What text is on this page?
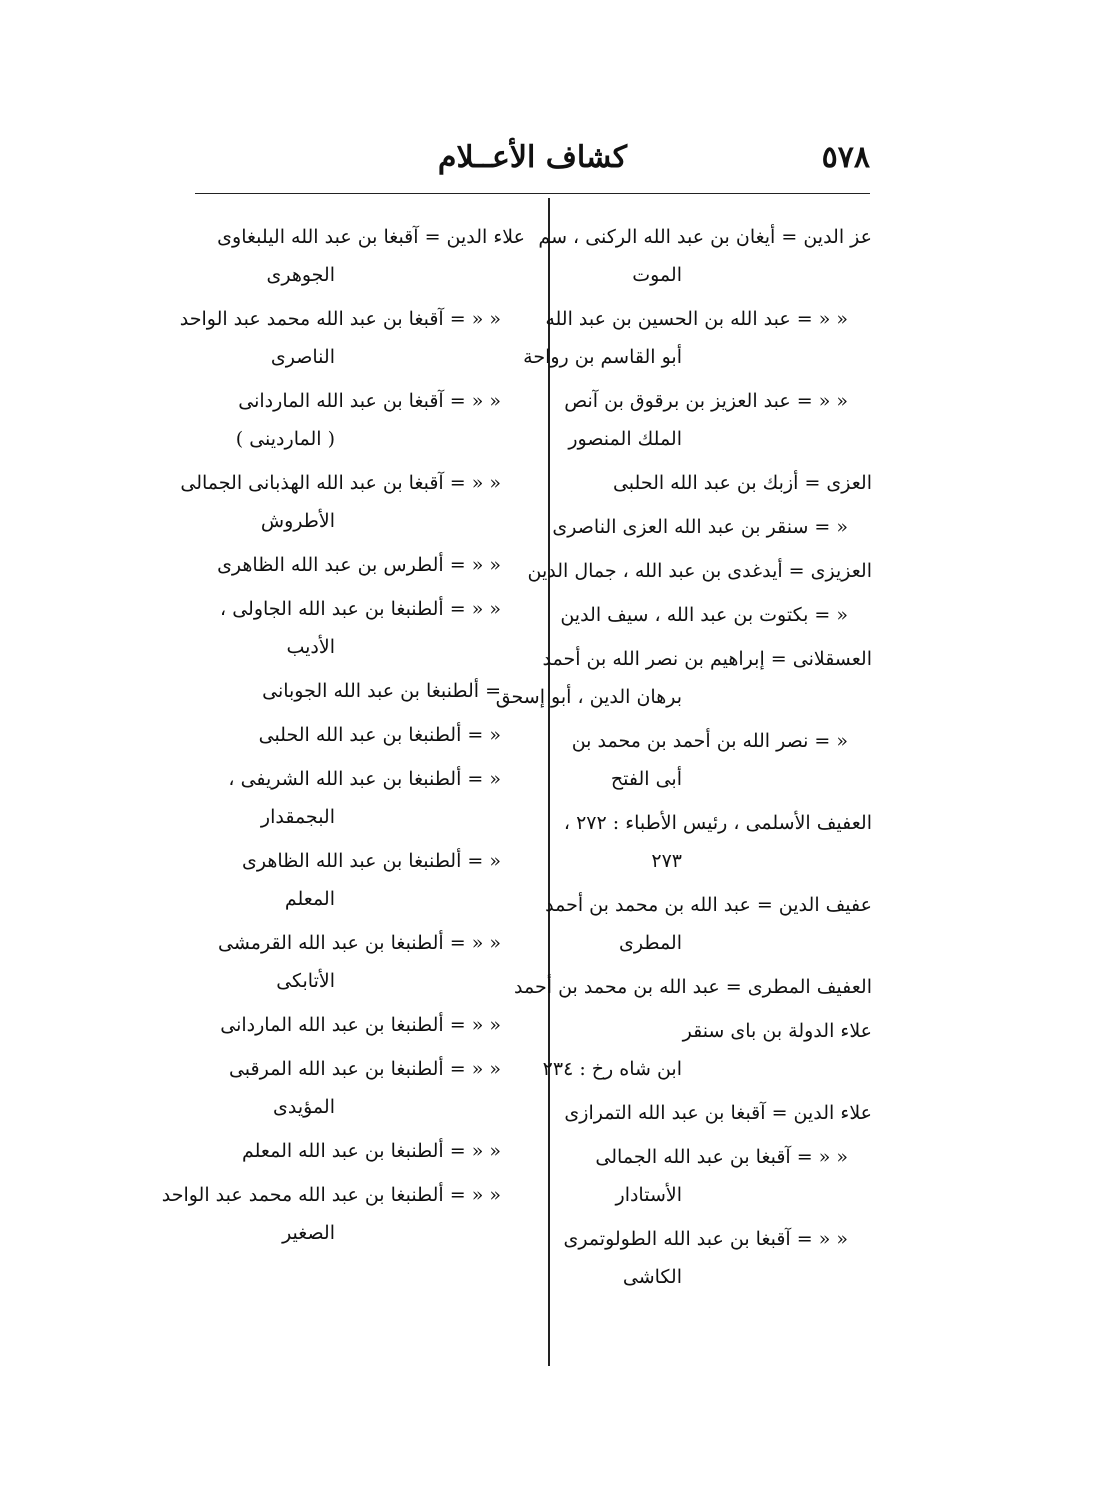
٥٧٨
كشاف الأعــلام
عز الدين = أيغان بن عبد الله الركنى ، سم
الموت
« « = عبد الله بن الحسين بن عبد الله
أبو القاسم بن رواحة
« « = عبد العزيز بن برقوق بن آنص
الملك المنصور
العزى = أزبك بن عبد الله الحلبى
« = سنقر بن عبد الله العزى الناصرى
العزيزى = أيدغدى بن عبد الله ، جمال الدين
« = بكتوت بن عبد الله ، سيف الدين
العسقلانى = إبراهيم بن نصر الله بن أحمد
برهان الدين ، أبو إسحق
« = نصر الله بن أحمد بن محمد بن
أبى الفتح
العفيف الأسلمى ، رئيس الأطباء : ٢٧٢ ،
٢٧٣
عفيف الدين = عبد الله بن محمد بن أحمد
المطرى
العفيف المطرى = عبد الله بن محمد بن أحمد
علاء الدولة بن باى سنقر
ابن شاه رخ : ٢٣٤
علاء الدين = آقبغا بن عبد الله التمرازى
« « = آقبغا بن عبد الله الجمالى
الأستادار
« « = آقبغا بن عبد الله الطولوتمرى
الكاشى
علاء الدين = آقبغا بن عبد الله اليلبغاوى
الجوهرى
« « = آقبغا بن عبد الله محمد عبد الواحد
الناصرى
« « = آقبغا بن عبد الله الماردانى
( الماردينى )
« « = آقبغا بن عبد الله الهذبانى الجمالى
الأطروش
« « = ألطرس بن عبد الله الظاهرى
« « = ألطنبغا بن عبد الله الجاولى ،
الأديب
= ألطنبغا بن عبد الله الجوبانى
« = ألطنبغا بن عبد الله الحلبى
« = ألطنبغا بن عبد الله الشريفى ،
البجمقدار
« = ألطنبغا بن عبد الله الظاهرى
المعلم
« « = ألطنبغا بن عبد الله القرمشى
الأتابكى
« « = ألطنبغا بن عبد الله الماردانى
« « = ألطنبغا بن عبد الله المرقبى
المؤيدى
« « = ألطنبغا بن عبد الله المعلم
« « = ألطنبغا بن عبد الله محمد عبد الواحد
الصغير
